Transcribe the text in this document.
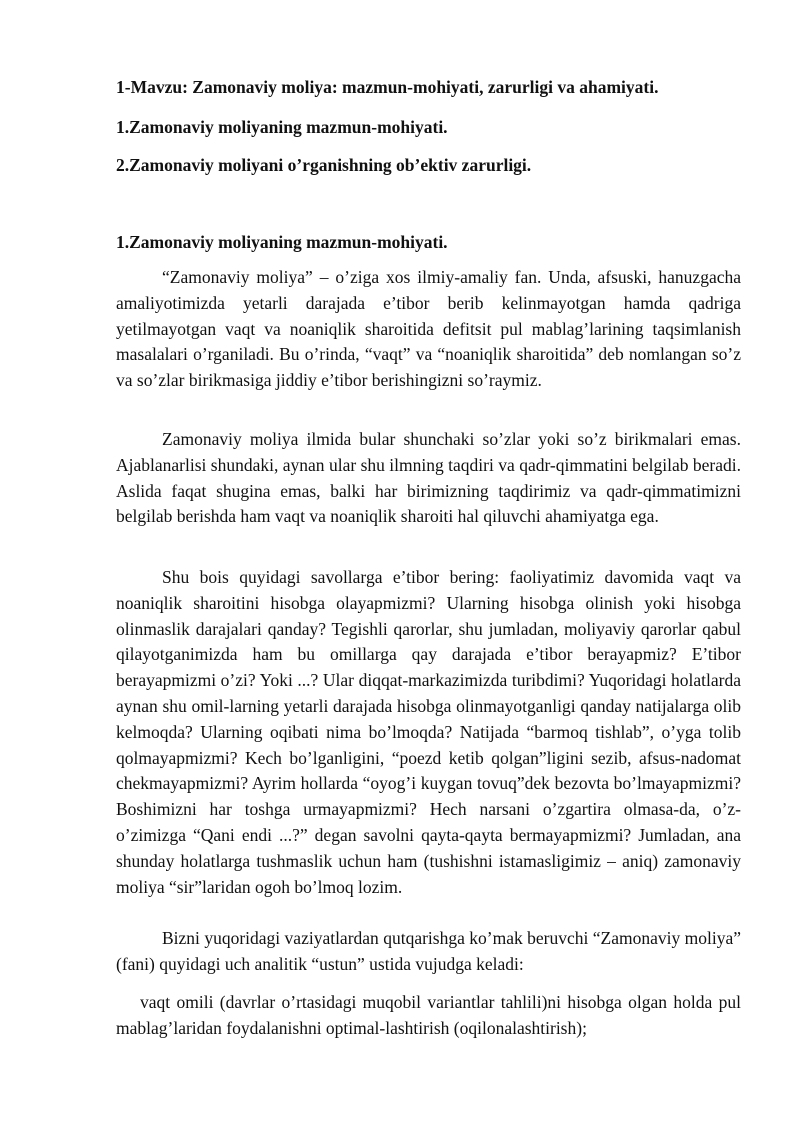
1-Mavzu: Zamonaviy moliya: mazmun-mohiyati, zarurligi va ahamiyati.
1.Zamonaviy moliyaning mazmun-mohiyati.
2.Zamonaviy moliyani o’rganishning ob’ektiv zarurligi.
1.Zamonaviy moliyaning mazmun-mohiyati.

“Zamonaviy moliya” – o’ziga xos ilmiy-amaliy fan. Unda, afsuski, hanuzgacha amaliyotimizda yetarli darajada e’tibor berib kelinmayotgan hamda qadriga yetilmayotgan vaqt va noaniqlik sharoitida defitsit pul mablag’larining taqsimlanish masalalari o’rganiladi. Bu o’rinda, “vaqt” va “noaniqlik sharoitida” deb nomlangan so’z va so’zlar birikmasiga jiddiy e’tibor berishingizni so’raymiz.

Zamonaviy moliya ilmida bular shunchaki so’zlar yoki so’z birikmalari emas. Ajablanarlisi shundaki, aynan ular shu ilmning taqdiri va qadr-qimmatini belgilab beradi. Aslida faqat shugina emas, balki har birimizning taqdirimiz va qadr-qimmatimizni belgilab berishda ham vaqt va noaniqlik sharoiti hal qiluvchi ahamiyatga ega.

Shu bois quyidagi savollarga e’tibor bering: faoliyatimiz davomida vaqt va noaniqlik sharoitini hisobga olayapmizmi? Ularning hisobga olinish yoki hisobga olinmaslik darajalari qanday? Tegishli qarorlar, shu jumladan, moliyaviy qarorlar qabul qilayotganimizda ham bu omillarga qay darajada e’tibor berayapmiz? E’tibor berayapmizmi o’zi? Yoki ...? Ular diqqat-markazimizda turibdimi? Yuqoridagi holatlarda aynan shu omil-larning yetarli darajada hisobga olinmayotganligi qanday natijalarga olib kelmoqda? Ularning oqibati nima bo’lmoqda? Natijada “barmoq tishlab”, o’yga tolib qolmayapmizmi? Kech bo’lganligini, “poezd ketib qolgan”ligini sezib, afsus-nadomat chekmayapmizmi? Ayrim hollarda “oyog’i kuygan tovuq”dek bezovta bo’lmayapmizmi? Boshimizni har toshga urmayapmizmi? Hech narsani o’zgartira olmasa-da, o’z-o’zimizga “Qani endi ...?” degan savolni qayta-qayta bermayapmizmi? Jumladan, ana shunday holatlarga tushmaslik uchun ham (tushishni istamasligimiz – aniq) zamonaviy moliya “sir”laridan ogoh bo’lmoq lozim.

Bizni yuqoridagi vaziyatlardan qutqarishga ko’mak beruvchi “Zamonaviy moliya” (fani) quyidagi uch analitik “ustun” ustida vujudga keladi:

vaqt omili (davrlar o’rtasidagi muqobil variantlar tahlili)ni hisobga olgan holda pul mablag’laridan foydalanishni optimal-lashtirish (oqilonalashtirish);
